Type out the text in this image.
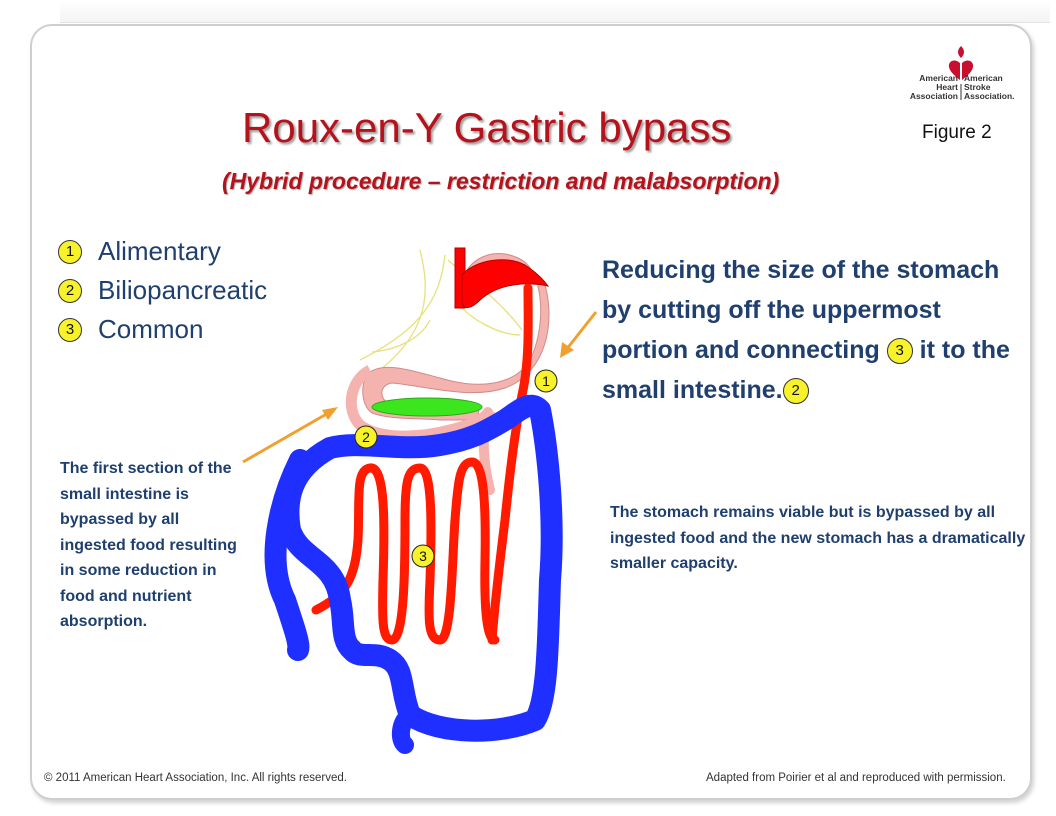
American
Heart
Association
American
Stroke
Association.
Roux-en-Y Gastric bypass
(Hybrid procedure – restriction and malabsorption)
Figure 2
1 Alimentary
2 Biliopancreatic
3 Common
1
2
3
The first section of the small intestine is bypassed by all ingested food resulting in some reduction in food and nutrient absorption.
Reducing the size of the stomach by cutting off the uppermost portion and connecting 3 it to the small intestine. 2
The stomach remains viable but is bypassed by all ingested food and the new stomach has a dramatically smaller capacity.
© 2011 American Heart Association, Inc. All rights reserved.	Adapted from Poirier et al and reproduced with permission.
